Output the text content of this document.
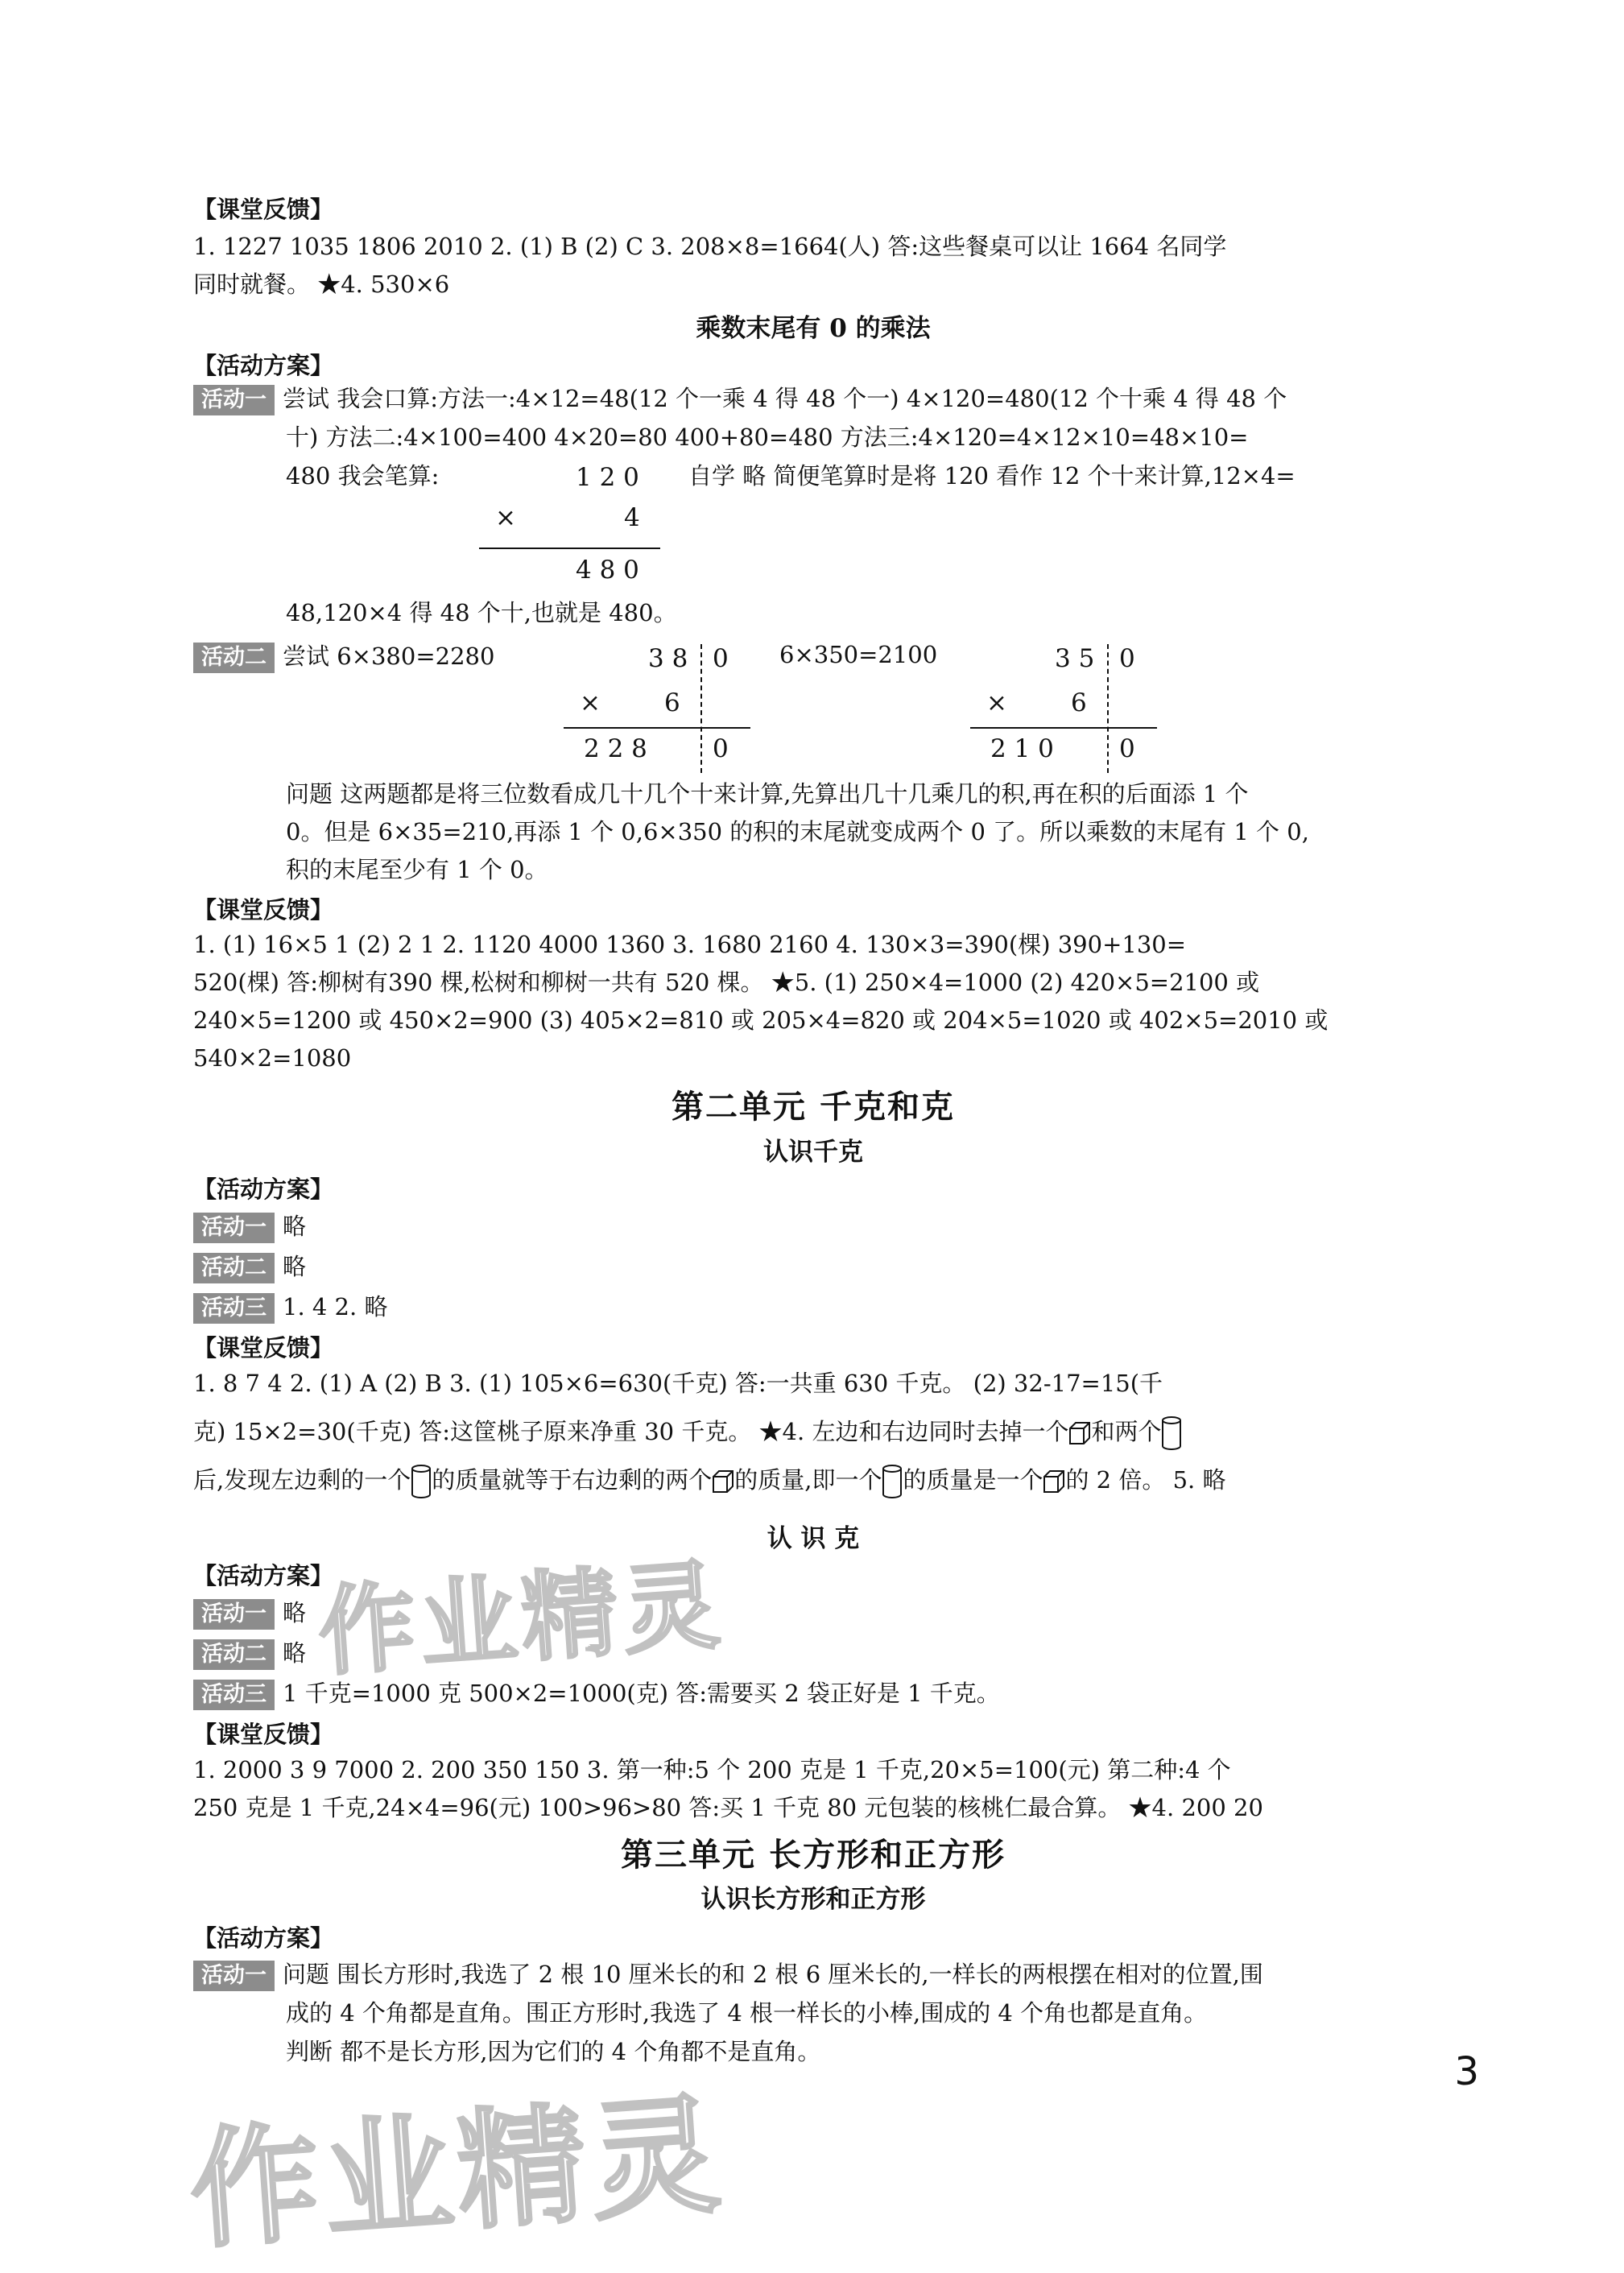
【课堂反馈】
1. 1227 1035 1806 2010 2. (1) B (2) C 3. 208×8=1664(人) 答:这些餐桌可以让 1664 名同学
同时就餐。 ★4. 530×6
乘数末尾有 0 的乘法
【活动方案】
活动一 尝试 我会口算:方法一:4×12=48(12 个一乘 4 得 48 个一) 4×120=480(12 个十乘 4 得 48 个
十) 方法二:4×100=400 4×20=80 400+80=480 方法三:4×120=4×12×10=48×10=
480 我会笔算:	自学 略 简便笔算时是将 120 看作 12 个十来计算,12×4=
1 2 0
×	4
4 8 0
48,120×4 得 48 个十,也就是 480。
活动二 尝试 6×380=2280	6×350=2100
3 8 0
×	6
2 2 8	0
3 5 0
×	6
2 1 0	0
问题 这两题都是将三位数看成几十几个十来计算,先算出几十几乘几的积,再在积的后面添 1 个
0。但是 6×35=210,再添 1 个 0,6×350 的积的末尾就变成两个 0 了。所以乘数的末尾有 1 个 0,
积的末尾至少有 1 个 0。
【课堂反馈】
1. (1) 16×5 1 (2) 2 1 2. 1120 4000 1360 3. 1680 2160 4. 130×3=390(棵) 390+130=
520(棵) 答:柳树有390 棵,松树和柳树一共有 520 棵。 ★5. (1) 250×4=1000 (2) 420×5=2100 或
240×5=1200 或 450×2=900 (3) 405×2=810 或 205×4=820 或 204×5=1020 或 402×5=2010 或
540×2=1080
第二单元 千克和克
认识千克
【活动方案】
活动一 略
活动二 略
活动三 1. 4 2. 略
【课堂反馈】
1. 8 7 4 2. (1) A (2) B 3. (1) 105×6=630(千克) 答:一共重 630 千克。 (2) 32-17=15(千
克) 15×2=30(千克) 答:这筐桃子原来净重 30 千克。 ★4. 左边和右边同时去掉一个 和两个
后,发现左边剩的一个 的质量就等于右边剩的两个 的质量,即一个 的质量是一个 的 2 倍。 5. 略
认 识 克
【活动方案】
活动一 略
活动二 略
活动三 1 千克=1000 克 500×2=1000(克) 答:需要买 2 袋正好是 1 千克。
【课堂反馈】
1. 2000 3 9 7000 2. 200 350 150 3. 第一种:5 个 200 克是 1 千克,20×5=100(元) 第二种:4 个
250 克是 1 千克,24×4=96(元) 100>96>80 答:买 1 千克 80 元包装的核桃仁最合算。 ★4. 200 20
第三单元 长方形和正方形
认识长方形和正方形
【活动方案】
活动一 问题 围长方形时,我选了 2 根 10 厘米长的和 2 根 6 厘米长的,一样长的两根摆在相对的位置,围
成的 4 个角都是直角。围正方形时,我选了 4 根一样长的小棒,围成的 4 个角也都是直角。
判断 都不是长方形,因为它们的 4 个角都不是直角。
作业精灵
作业精灵
3
